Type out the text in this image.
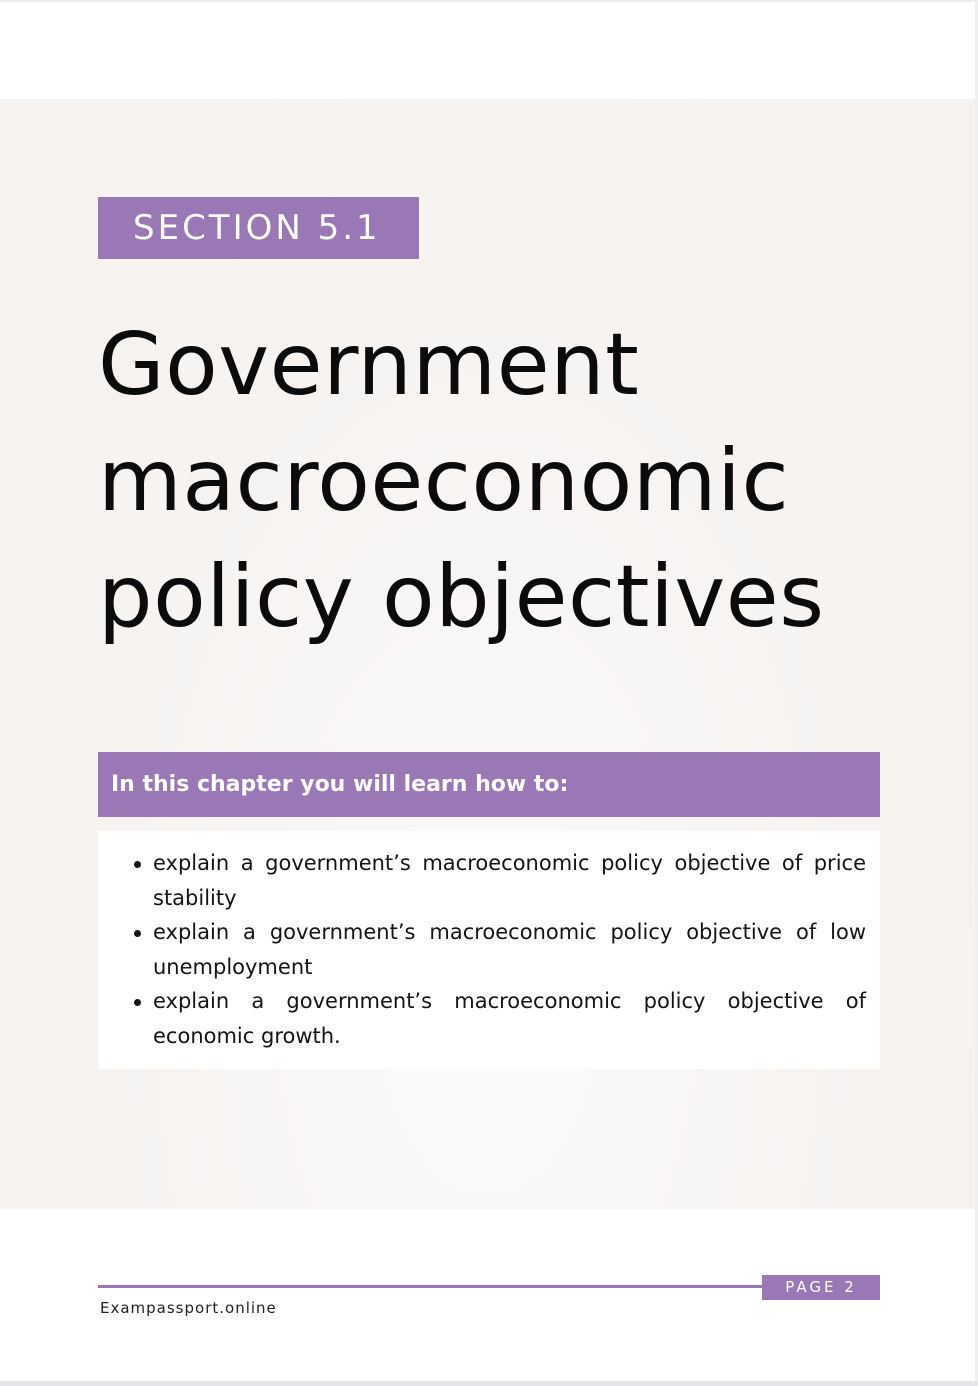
SECTION 5.1
Government
macroeconomic
policy objectives
In this chapter you will learn how to:
explain a government’s macroeconomic policy objective of price stability
explain a government’s macroeconomic policy objective of low unemployment
explain a government’s macroeconomic policy objective of economic growth.
PAGE 2
Exampassport.online
